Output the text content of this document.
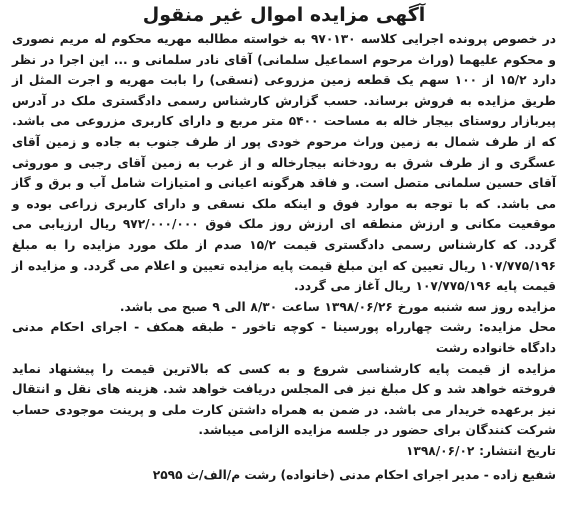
آگهی مزایده اموال غیر منقول

در خصوص پرونده اجرایی کلاسه ۹۷۰۱۳۰ به خواسته مطالبه مهریه محکوم له مریم نصوری و محکوم علیهما (وراث مرحوم اسماعیل سلمانی) آقای نادر سلمانی و ... این اجرا در نظر دارد ۱۵/۲ از ۱۰۰ سهم یک قطعه زمین مزروعی (نسقی) را بابت مهریه و اجرت المثل از طریق مزایده به فروش برساند. حسب گزارش کارشناس رسمی دادگستری ملک در آدرس پیربازار روستای بیجار خاله به مساحت ۵۴۰۰ متر مربع و دارای کاربری مزروعی می باشد. که از طرف شمال به زمین وراث مرحوم خودی پور از طرف جنوب به جاده و زمین آقای عسگری و از طرف شرق به رودخانه بیجارخاله و از غرب به زمین آقای رجبی و موروثی آقای حسین سلمانی متصل است. و فاقد هرگونه اعیانی و امتیازات شامل آب و برق و گاز می باشد. که با توجه به موارد فوق و اینکه ملک نسقی و دارای کاربری زراعی بوده و موقعیت مکانی و ارزش منطقه ای ارزش روز ملک فوق ۹۷۲/۰۰۰/۰۰۰ ریال ارزیابی می گردد. که کارشناس رسمی دادگستری قیمت ۱۵/۲ صدم از ملک مورد مزایده را به مبلغ ۱۰۷/۷۷۵/۱۹۶ ریال تعیین که این مبلغ قیمت پایه مزایده تعیین و اعلام می گردد. و مزایده از قیمت پایه ۱۰۷/۷۷۵/۱۹۶ ریال آغاز می گردد.

مزایده روز سه شنبه مورخ ۱۳۹۸/۰۶/۲۶ ساعت ۸/۳۰ الی ۹ صبح می باشد.

محل مزایده: رشت چهارراه پورسینا - کوچه تاخور - طبقه همکف - اجرای احکام مدنی دادگاه خانواده رشت

مزایده از قیمت پایه کارشناسی شروع و به کسی که بالاترین قیمت را پیشنهاد نماید فروخته خواهد شد و کل مبلغ نیز فی المجلس دریافت خواهد شد. هزینه های نقل و انتقال نیز برعهده خریدار می باشد. در ضمن به همراه داشتن کارت ملی و پرینت موجودی حساب شرکت کنندگان برای حضور در جلسه مزایده الزامی میباشد.

تاریخ انتشار: ۱۳۹۸/۰۶/۰۲

شفیع زاده - مدیر اجرای احکام مدنی (خانواده) رشت م/الف/ث ۲۵۹۵
